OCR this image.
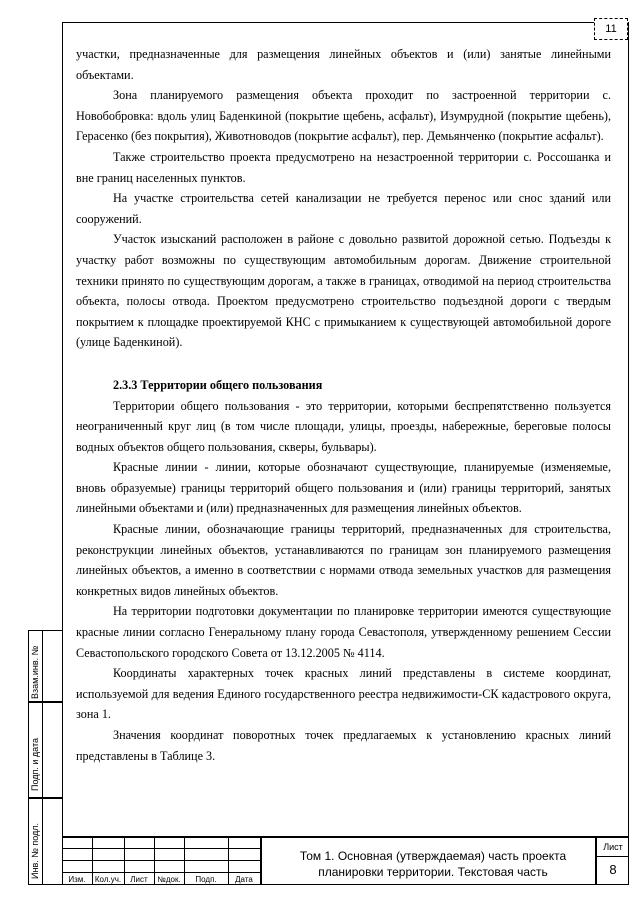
11

участки, предназначенные для размещения линейных объектов и (или) занятые линейными объектами.

Зона планируемого размещения объекта проходит по застроенной территории с. Новобобровка: вдоль улиц Баденкиной (покрытие щебень, асфальт), Изумрудной (покрытие щебень), Герасенко (без покрытия), Животноводов (покрытие асфальт), пер. Демьянченко (покрытие асфальт).

Также строительство проекта предусмотрено на незастроенной территории с. Россошанка и вне границ населенных пунктов.

На участке строительства сетей канализации не требуется перенос или снос зданий или сооружений.

Участок изысканий расположен в районе с довольно развитой дорожной сетью. Подъезды к участку работ возможны по существующим автомобильным дорогам. Движение строительной техники принято по существующим дорогам, а также в границах, отводимой на период строительства объекта, полосы отвода. Проектом предусмотрено строительство подъездной дороги с твердым покрытием к площадке проектируемой КНС с примыканием к существующей автомобильной дороге (улице Баденкиной).

2.3.3 Территории общего пользования

Территории общего пользования - это территории, которыми беспрепятственно пользуется неограниченный круг лиц (в том числе площади, улицы, проезды, набережные, береговые полосы водных объектов общего пользования, скверы, бульвары).

Красные линии - линии, которые обозначают существующие, планируемые (изменяемые, вновь образуемые) границы территорий общего пользования и (или) границы территорий, занятых линейными объектами и (или) предназначенных для размещения линейных объектов.

Красные линии, обозначающие границы территорий, предназначенных для строительства, реконструкции линейных объектов, устанавливаются по границам зон планируемого размещения линейных объектов, а именно в соответствии с нормами отвода земельных участков для размещения конкретных видов линейных объектов.

На территории подготовки документации по планировке территории имеются существующие красные линии согласно Генеральному плану города Севастополя, утвержденному решением Сессии Севастопольского городского Совета от 13.12.2005 № 4114.

Координаты характерных точек красных линий представлены в системе координат, используемой для ведения Единого государственного реестра недвижимости-СК кадастрового округа, зона 1.

Значения координат поворотных точек предлагаемых к установлению красных линий представлены в Таблице 3.

Взам.инв. №
Подп. и дата
Инв. № подл.
Изм.	Кол.уч.	Лист	№док.	Подп.	Дата
Том 1. Основная (утверждаемая) часть проекта планировки территории. Текстовая часть
Лист
8
